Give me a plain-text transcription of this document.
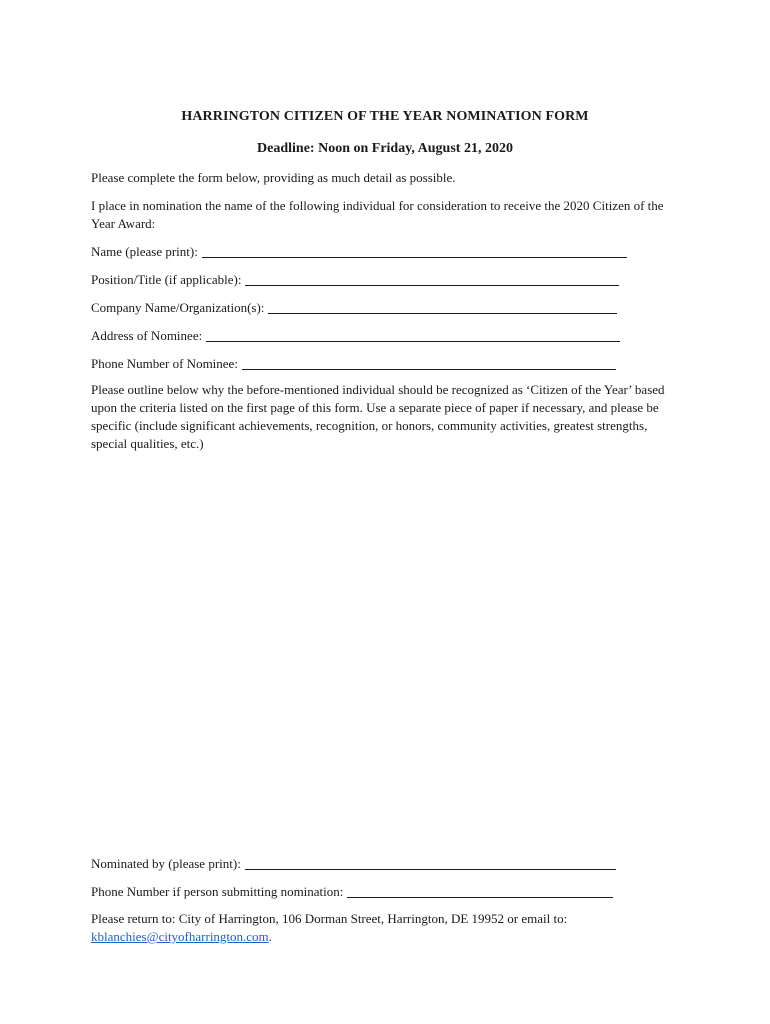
HARRINGTON CITIZEN OF THE YEAR NOMINATION FORM
Deadline: Noon on Friday, August 21, 2020
Please complete the form below, providing as much detail as possible.
I place in nomination the name of the following individual for consideration to receive the 2020 Citizen of the Year Award:
Name (please print):
Position/Title (if applicable):
Company Name/Organization(s):
Address of Nominee:
Phone Number of Nominee:
Please outline below why the before-mentioned individual should be recognized as ‘Citizen of the Year’ based upon the criteria listed on the first page of this form. Use a separate piece of paper if necessary, and please be specific (include significant achievements, recognition, or honors, community activities, greatest strengths, special qualities, etc.)
Nominated by (please print):
Phone Number if person submitting nomination:
Please return to: City of Harrington, 106 Dorman Street, Harrington, DE 19952 or email to:
kblanchies@cityofharrington.com.
